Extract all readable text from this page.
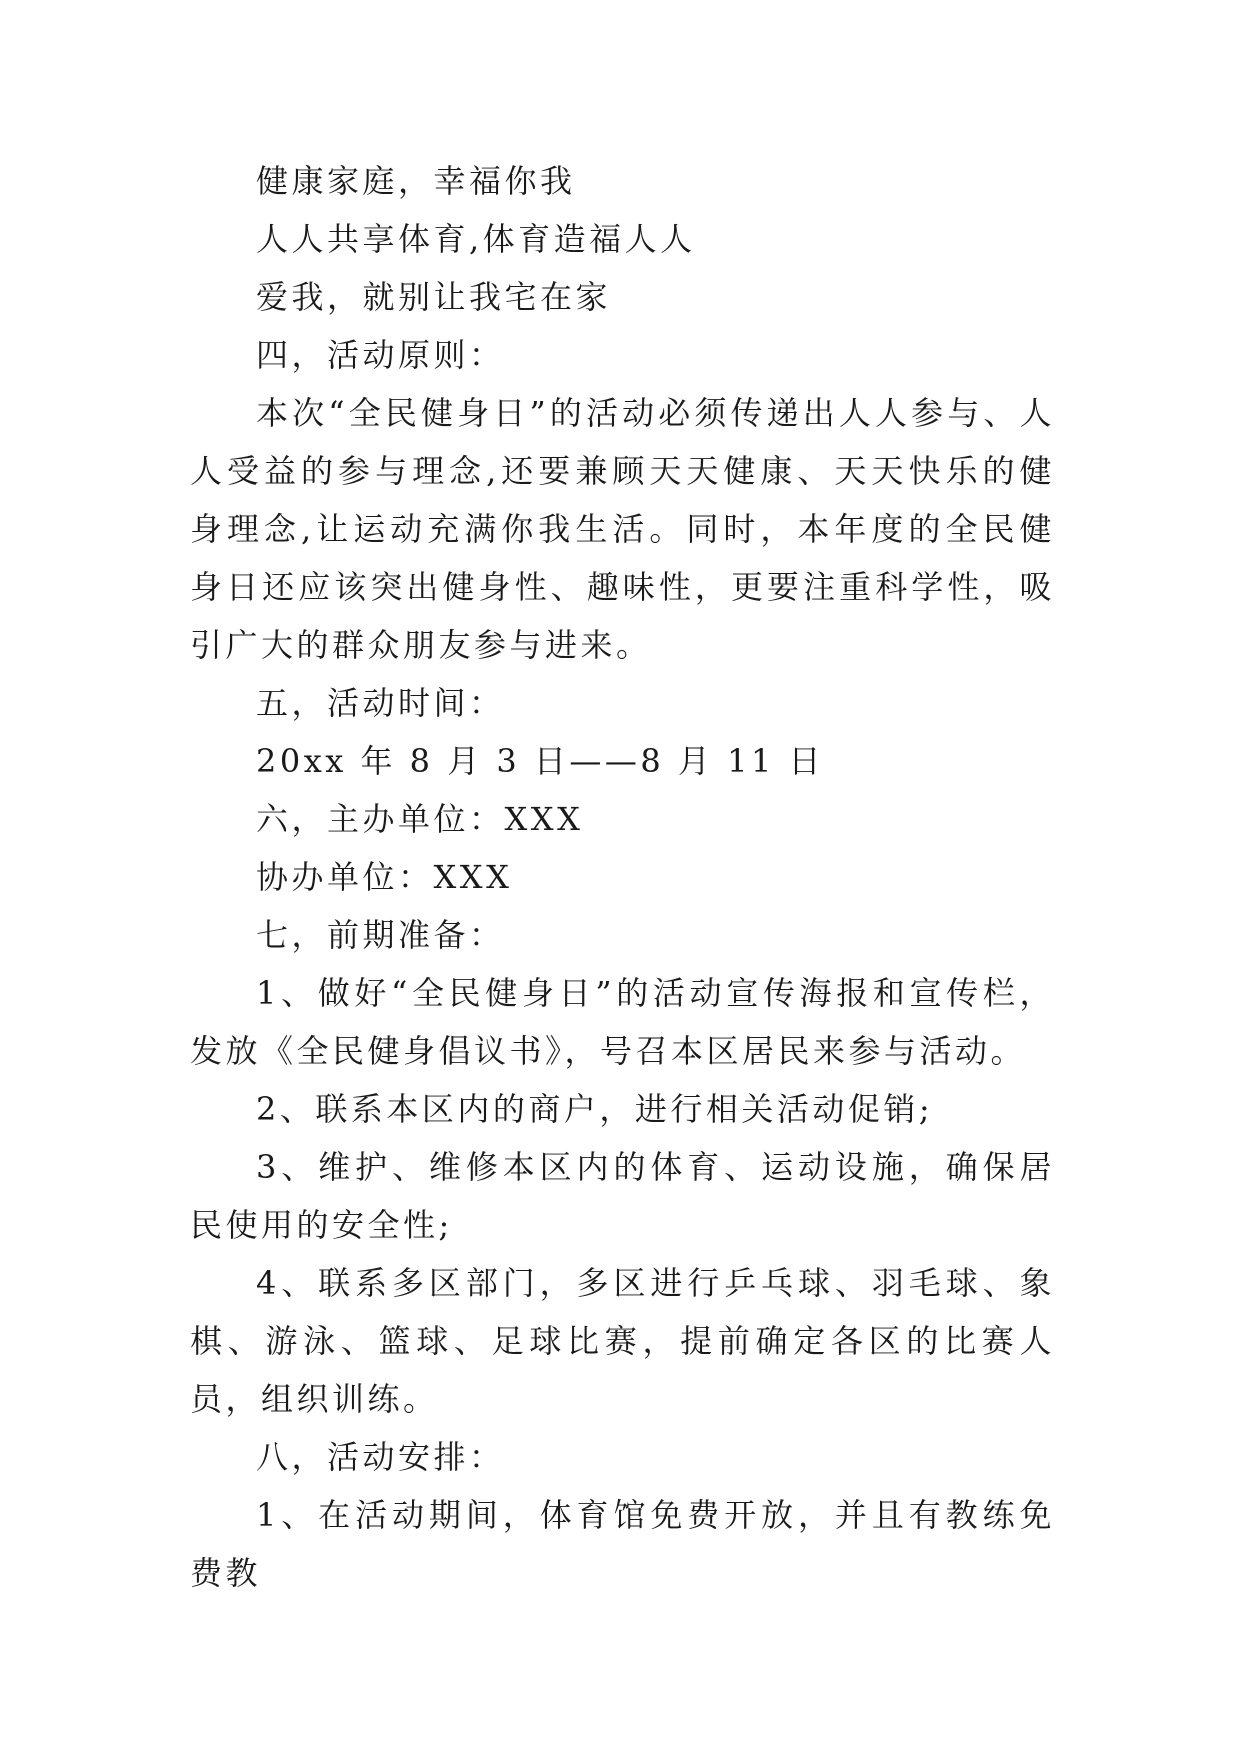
健康家庭，幸福你我

人人共享体育,体育造福人人

爱我，就别让我宅在家

四，活动原则：

本次“全民健身日”的活动必须传递出人人参与、人人受益的参与理念,还要兼顾天天健康、天天快乐的健身理念,让运动充满你我生活。同时，本年度的全民健身日还应该突出健身性、趣味性，更要注重科学性，吸引广大的群众朋友参与进来。

五，活动时间：

20xx 年 8 月 3 日——8 月 11 日

六，主办单位：XXX

协办单位：XXX

七，前期准备：

1、做好“全民健身日”的活动宣传海报和宣传栏，发放《全民健身倡议书》，号召本区居民来参与活动。

2、联系本区内的商户，进行相关活动促销;

3、维护、维修本区内的体育、运动设施，确保居民使用的安全性;

4、联系多区部门，多区进行乒乓球、羽毛球、象棋、游泳、篮球、足球比赛，提前确定各区的比赛人员，组织训练。

八，活动安排：

1、在活动期间，体育馆免费开放，并且有教练免费教
